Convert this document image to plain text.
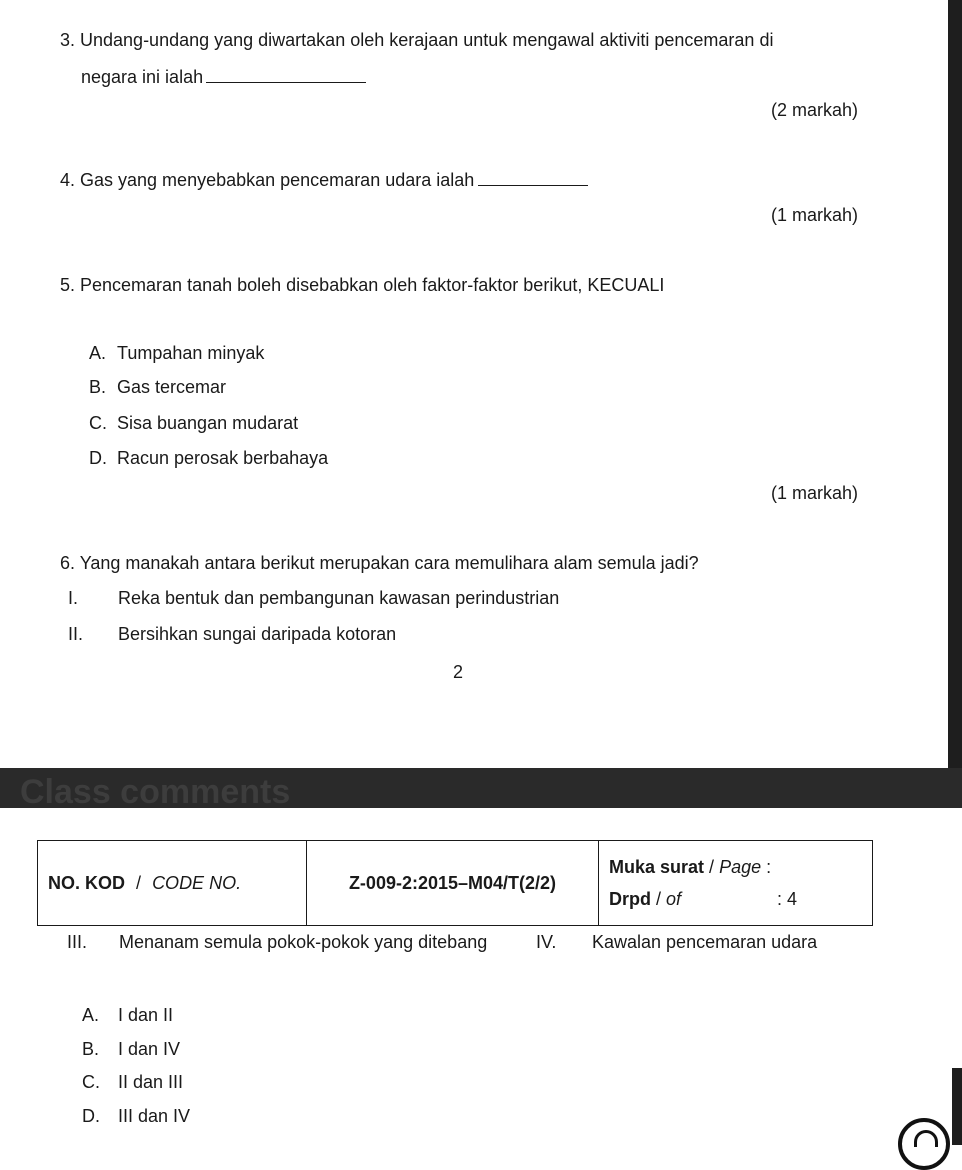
3. Undang-undang yang diwartakan oleh kerajaan untuk mengawal aktiviti pencemaran di
negara ini ialah
(2 markah)
4. Gas yang menyebabkan pencemaran udara ialah
(1 markah)
5. Pencemaran tanah boleh disebabkan oleh faktor-faktor berikut, KECUALI
A. Tumpahan minyak
B. Gas tercemar
C. Sisa buangan mudarat
D. Racun perosak berbahaya
(1 markah)
6. Yang manakah antara berikut merupakan cara memulihara alam semula jadi?
I. Reka bentuk dan pembangunan kawasan perindustrian
II. Bersihkan sungai daripada kotoran
2
Class comments
NO. KOD / CODE NO.	Z-009-2:2015–M04/T(2/2)	
Muka surat / Page :
Drpd / of	: 4
III. Menanam semula pokok-pokok yang ditebang	IV. Kawalan pencemaran udara
A. I dan II
B. I dan IV
C. II dan III
D. III dan IV
